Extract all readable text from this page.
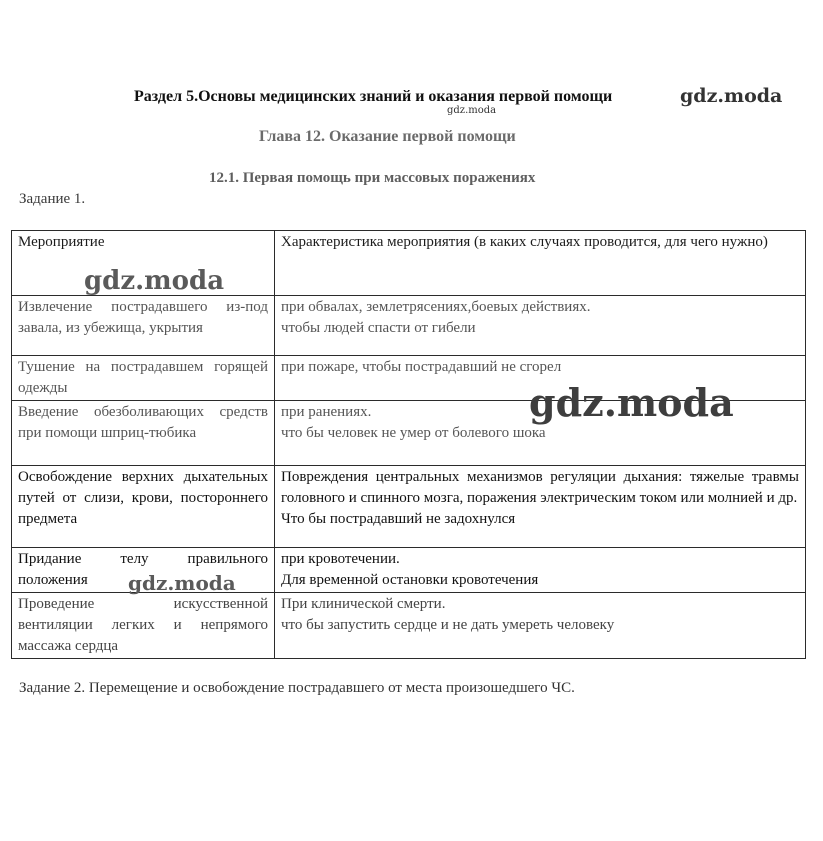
Раздел 5.Основы медицинских знаний и оказания первой помощи	gdz.moda
gdz.moda
Глава 12. Оказание первой помощи
12.1. Первая помощь при массовых поражениях
Задание 1.
Мероприятие	Характеристика мероприятия (в каких случаях проводится, для чего нужно)
Извлечение пострадавшего из-под завала, из убежища, укрытия	при обвалах, землетрясениях,боевых действиях.
чтобы людей спасти от гибели

Тушение на пострадавшем горящей одежды	при пожаре, чтобы пострадавший не сгорел

Введение обезболивающих средств при помощи шприц-тюбика	при ранениях.
что бы человек не умер от болевого шока

Освобождение верхних дыхательных путей от слизи, крови, постороннего предмета	Повреждения центральных механизмов регуляции дыхания: тяжелые травмы головного и спинного мозга, поражения электрическим током или молнией и др.
Что бы пострадавший не задохнулся

Придание телу правильного положения	при кровотечении.
Для временной остановки кровотечения

Проведение искусственной вентиляции легких и непрямого массажа сердца	При клинической смерти.
что бы запустить сердце и не дать умереть человеку
gdz.moda
gdz.moda
gdz.moda
Задание 2. Перемещение и освобождение пострадавшего от места произошедшего ЧС.
